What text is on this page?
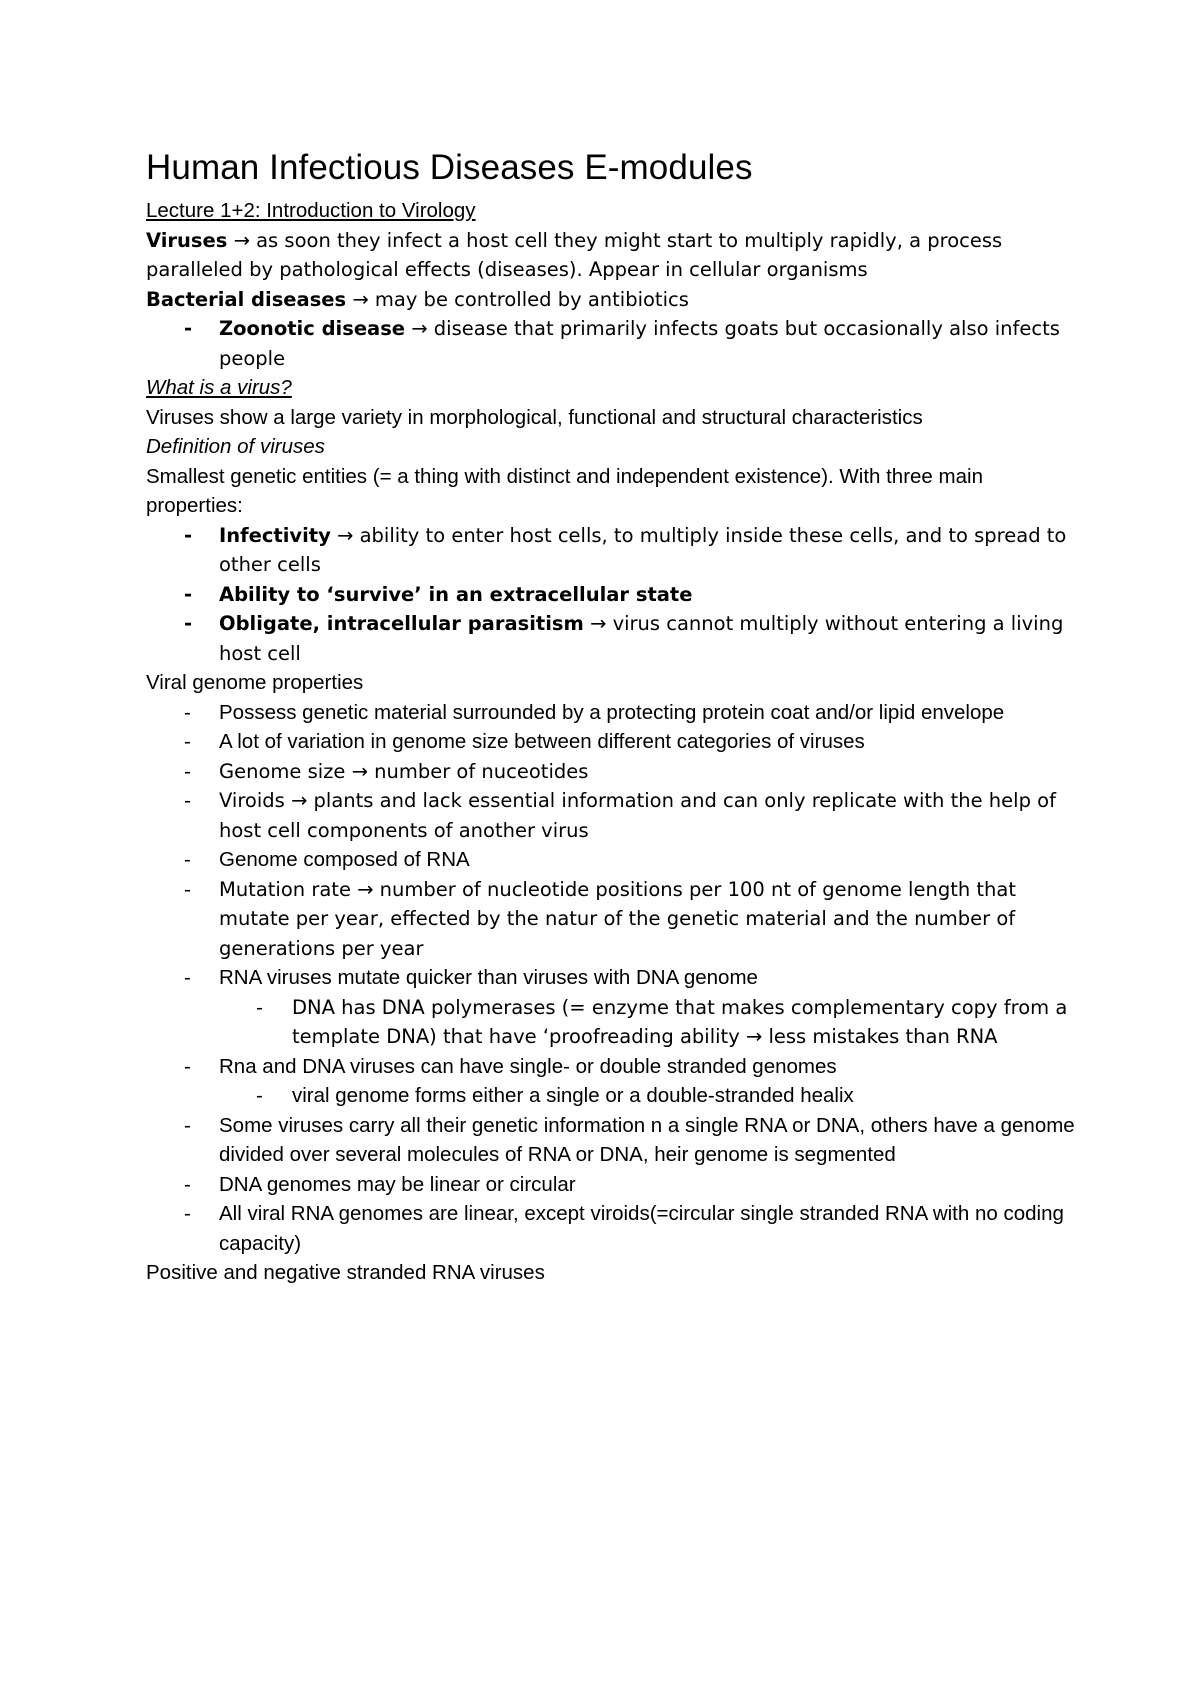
Human Infectious Diseases E-modules

Lecture 1+2: Introduction to Virology

Viruses → as soon they infect a host cell they might start to multiply rapidly, a process paralleled by pathological effects (diseases). Appear in cellular organisms

Bacterial diseases → may be controlled by antibiotics

- Zoonotic disease → disease that primarily infects goats but occasionally also infects people

What is a virus?

Viruses show a large variety in morphological, functional and structural characteristics

Definition of viruses

Smallest genetic entities (= a thing with distinct and independent existence). With three main properties:

- Infectivity → ability to enter host cells, to multiply inside these cells, and to spread to other cells

- Ability to ‘survive’ in an extracellular state

- Obligate, intracellular parasitism → virus cannot multiply without entering a living host cell

Viral genome properties

- Possess genetic material surrounded by a protecting protein coat and/or lipid envelope

- A lot of variation in genome size between different categories of viruses

- Genome size → number of nuceotides

- Viroids → plants and lack essential information and can only replicate with the help of host cell components of another virus

- Genome composed of RNA

- Mutation rate → number of nucleotide positions per 100 nt of genome length that mutate per year, effected by the natur of the genetic material and the number of generations per year

- RNA viruses mutate quicker than viruses with DNA genome

- DNA has DNA polymerases (= enzyme that makes complementary copy from a template DNA) that have ‘proofreading ability → less mistakes than RNA

- Rna and DNA viruses can have single- or double stranded genomes

- viral genome forms either a single or a double-stranded healix

- Some viruses carry all their genetic information n a single RNA or DNA, others have a genome divided over several molecules of RNA or DNA, heir genome is segmented

- DNA genomes may be linear or circular

- All viral RNA genomes are linear, except viroids(=circular single stranded RNA with no coding capacity)

Positive and negative stranded RNA viruses
